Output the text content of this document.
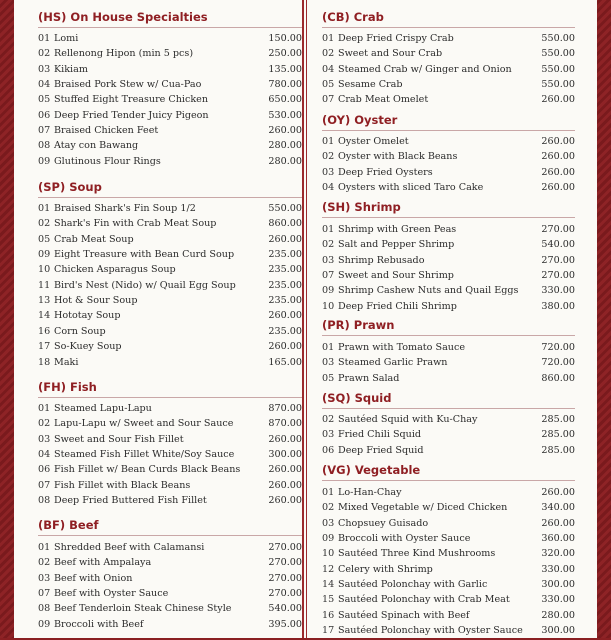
(HS) On House Specialties
01 Lomi	150.00
02 Rellenong Hipon (min 5 pcs)	250.00
03 Kikiam	135.00
04 Braised Pork Stew w/ Cua-Pao	780.00
05 Stuffed Eight Treasure Chicken	650.00
06 Deep Fried Tender Juicy Pigeon	530.00
07 Braised Chicken Feet	260.00
08 Atay con Bawang	280.00
09 Glutinous Flour Rings	280.00
(SP) Soup
01 Braised Shark's Fin Soup 1/2	550.00
02 Shark's Fin with Crab Meat Soup	860.00
05 Crab Meat Soup	260.00
09 Eight Treasure with Bean Curd Soup	235.00
10 Chicken Asparagus Soup	235.00
11 Bird's Nest (Nido) w/ Quail Egg Soup	235.00
13 Hot & Sour Soup	235.00
14 Hototay Soup	260.00
16 Corn Soup	235.00
17 So-Kuey Soup	260.00
18 Maki	165.00
(FH) Fish
01 Steamed Lapu-Lapu	870.00
02 Lapu-Lapu w/ Sweet and Sour Sauce	870.00
03 Sweet and Sour Fish Fillet	260.00
04 Steamed Fish Fillet White/Soy Sauce	300.00
06 Fish Fillet w/ Bean Curds Black Beans	260.00
07 Fish Fillet with Black Beans	260.00
08 Deep Fried Buttered Fish Fillet	260.00
(BF) Beef
01 Shredded Beef with Calamansi	270.00
02 Beef with Ampalaya	270.00
03 Beef with Onion	270.00
07 Beef with Oyster Sauce	270.00
08 Beef Tenderloin Steak Chinese Style	540.00
09 Broccoli with Beef	395.00
(CB) Crab
01 Deep Fried Crispy Crab	550.00
02 Sweet and Sour Crab	550.00
04 Steamed Crab w/ Ginger and Onion	550.00
05 Sesame Crab	550.00
07 Crab Meat Omelet	260.00
(OY) Oyster
01 Oyster Omelet	260.00
02 Oyster with Black Beans	260.00
03 Deep Fried Oysters	260.00
04 Oysters with sliced Taro Cake	260.00
(SH) Shrimp
01 Shrimp with Green Peas	270.00
02 Salt and Pepper Shrimp	540.00
03 Shrimp Rebusado	270.00
07 Sweet and Sour Shrimp	270.00
09 Shrimp Cashew Nuts and Quail Eggs 330.00
10 Deep Fried Chili Shrimp	380.00
(PR) Prawn
01 Prawn with Tomato Sauce	720.00
03 Steamed Garlic Prawn	720.00
05 Prawn Salad	860.00
(SQ) Squid
02 Sautéed Squid with Ku-Chay	285.00
03 Fried Chili Squid	285.00
06 Deep Fried Squid	285.00
(VG) Vegetable
01 Lo-Han-Chay	260.00
02 Mixed Vegetable w/ Diced Chicken	340.00
03 Chopsuey Guisado	260.00
09 Broccoli with Oyster Sauce	360.00
10 Sautéed Three Kind Mushrooms	320.00
12 Celery with Shrimp	330.00
14 Sautéed Polonchay with Garlic	300.00
15 Sautéed Polonchay with Crab Meat	330.00
16 Sautéed Spinach with Beef	280.00
17 Sautéed Polonchay with Oyster Sauce 300.00
